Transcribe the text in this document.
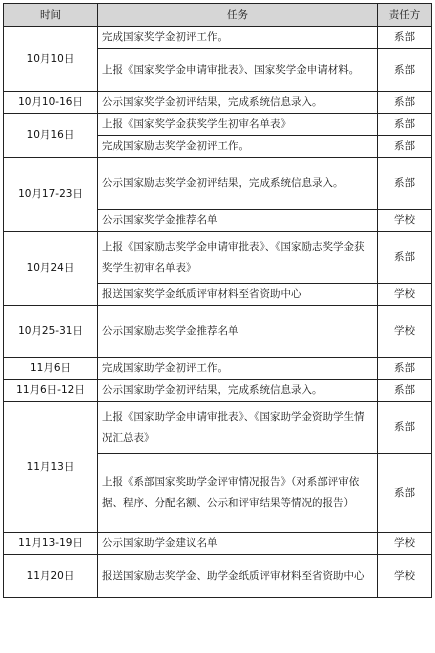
时间	任务	责任方
10月10日	完成国家奖学金初评工作。	系部
	上报《国家奖学金申请审批表》、国家奖学金申请材料。	系部
10月10-16日	公示国家奖学金初评结果，完成系统信息录入。	系部
10月16日	上报《国家奖学金获奖学生初审名单表》	系部
	完成国家励志奖学金初评工作。	系部
10月17-23日	公示国家励志奖学金初评结果，完成系统信息录入。	系部
	公示国家奖学金推荐名单	学校
10月24日	上报《国家励志奖学金申请审批表》、《国家励志奖学金获奖学生初审名单表》	系部
	报送国家奖学金纸质评审材料至省资助中心	学校
10月25-31日	公示国家励志奖学金推荐名单	学校
11月6日	完成国家助学金初评工作。	系部
11月6日-12日	公示国家助学金初评结果，完成系统信息录入。	系部
11月13日	上报《国家助学金申请审批表》、《国家助学金资助学生情况汇总表》	系部
	上报《系部国家奖助学金评审情况报告》（对系部评审依据、程序、分配名额、公示和评审结果等情况的报告）	系部
11月13-19日	公示国家助学金建议名单	学校
11月20日	报送国家励志奖学金、助学金纸质评审材料至省资助中心	学校
